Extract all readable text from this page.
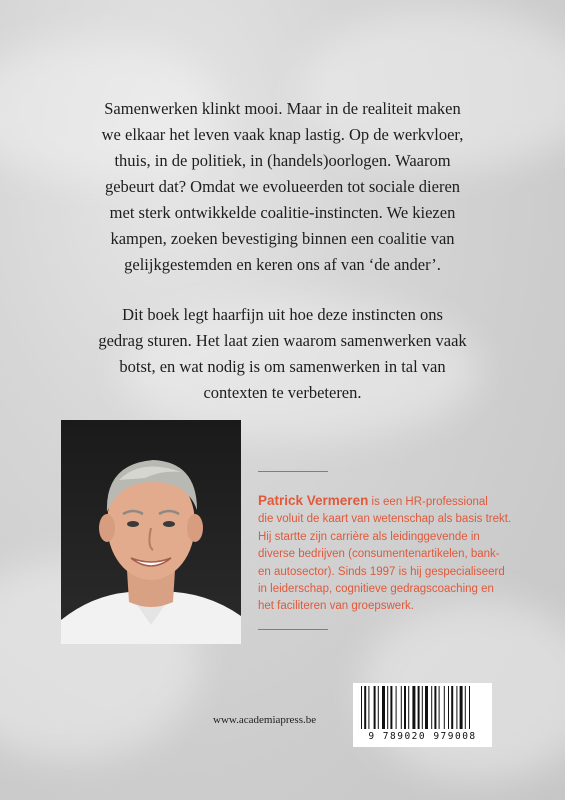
Samenwerken klinkt mooi. Maar in de realiteit maken
we elkaar het leven vaak knap lastig. Op de werkvloer,
thuis, in de politiek, in (handels)oorlogen. Waarom
gebeurt dat? Omdat we evolueerden tot sociale dieren
met sterk ontwikkelde coalitie-instincten. We kiezen
kampen, zoeken bevestiging binnen een coalitie van
gelijkgestemden en keren ons af van ‘de ander’.

Dit boek legt haarfijn uit hoe deze instincten ons
gedrag sturen. Het laat zien waarom samenwerken vaak
botst, en wat nodig is om samenwerken in tal van
contexten te verbeteren.

Patrick Vermeren is een HR-professional
die voluit de kaart van wetenschap als basis trekt.
Hij startte zijn carrière als leidinggevende in
diverse bedrijven (consumentenartikelen, bank-
en autosector). Sinds 1997 is hij gespecialiseerd
in leiderschap, cognitieve gedragscoaching en
het faciliteren van groepswerk.
www.academiapress.be
9 789020 979008
